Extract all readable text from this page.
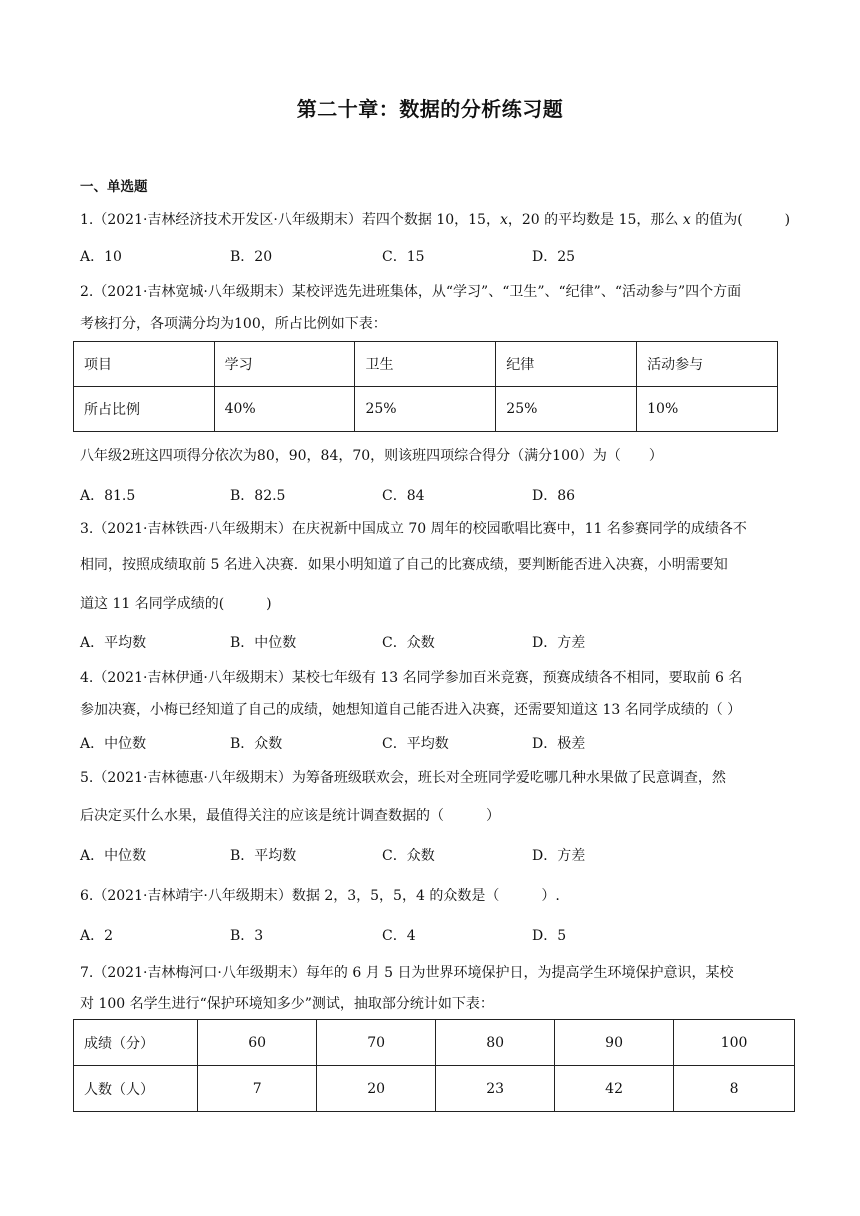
第二十章：数据的分析练习题
一、单选题
1.（2021·吉林经济技术开发区·八年级期末）若四个数据 10，15，x，20 的平均数是 15，那么 x 的值为(　　　)
A．10	B．20	C．15	D．25
2.（2021·吉林宽城·八年级期末）某校评选先进班集体，从“学习”、“卫生”、“纪律”、“活动参与”四个方面
考核打分，各项满分均为100，所占比例如下表：
项目	学习	卫生	纪律	活动参与
所占比例	40%	25%	25%	10%
八年级2班这四项得分依次为80，90，84，70，则该班四项综合得分（满分100）为（　　）
A．81.5	B．82.5	C．84	D．86
3.（2021·吉林铁西·八年级期末）在庆祝新中国成立 70 周年的校园歌唱比赛中，11 名参赛同学的成绩各不
相同，按照成绩取前 5 名进入决赛．如果小明知道了自己的比赛成绩，要判断能否进入决赛，小明需要知
道这 11 名同学成绩的(　　　)
A．平均数	B．中位数	C．众数	D．方差
4.（2021·吉林伊通·八年级期末）某校七年级有 13 名同学参加百米竞赛，预赛成绩各不相同，要取前 6 名
参加决赛，小梅已经知道了自己的成绩，她想知道自己能否进入决赛，还需要知道这 13 名同学成绩的（ ）
A．中位数	B．众数	C．平均数	D．极差
5.（2021·吉林德惠·八年级期末）为筹备班级联欢会，班长对全班同学爱吃哪几种水果做了民意调查，然
后决定买什么水果，最值得关注的应该是统计调查数据的（　　　）
A．中位数	B．平均数	C．众数	D．方差
6.（2021·吉林靖宇·八年级期末）数据 2，3，5，5，4 的众数是（　　　）.
A．2	B．3	C．4	D．5
7.（2021·吉林梅河口·八年级期末）每年的 6 月 5 日为世界环境保护日，为提高学生环境保护意识，某校
对 100 名学生进行“保护环境知多少”测试，抽取部分统计如下表：
成绩（分）	60	70	80	90	100
人数（人）	7	20	23	42	8
